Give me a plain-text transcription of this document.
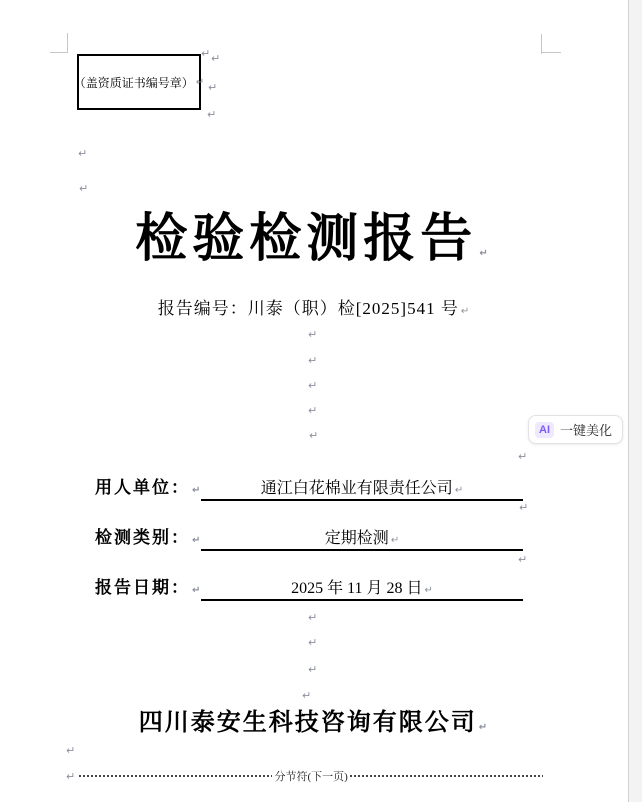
（盖资质证书编号章） ↵
↵ ↵
↵
↵
↵
↵
↵
↵
↵
↵
↵
↵
↵
↵
↵
↵
↵
↵
↵
检验检测报告 ↵
报告编号：川泰（职）检[2025]541 号 ↵
用人单位： ↵	通江白花棉业有限责任公司 ↵
检测类别： ↵	定期检测 ↵
报告日期： ↵	2025 年 11 月 28 日 ↵
四川泰安生科技咨询有限公司 ↵
↵	分节符(下一页)
AI 一键美化
